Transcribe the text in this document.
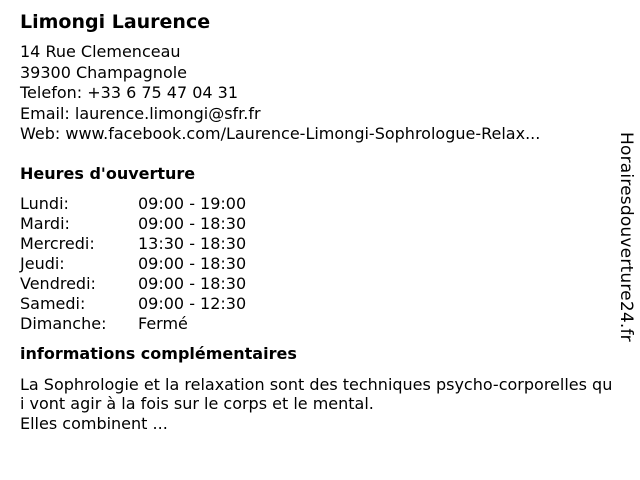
Limongi Laurence
14 Rue Clemenceau
39300 Champagnole
Telefon: +33 6 75 47 04 31
Email: laurence.limongi@sfr.fr
Web: www.facebook.com/Laurence-Limongi-Sophrologue-Relax...
Heures d'ouverture
Lundi:	09:00 - 19:00
Mardi:	09:00 - 18:30
Mercredi:	13:30 - 18:30
Jeudi:	09:00 - 18:30
Vendredi:	09:00 - 18:30
Samedi:	09:00 - 12:30
Dimanche:	Fermé
informations complémentaires
La Sophrologie et la relaxation sont des techniques psycho-corporelles qui vont agir à la fois sur le corps et le mental.
Elles combinent ...
Horairesdouverture24.fr
